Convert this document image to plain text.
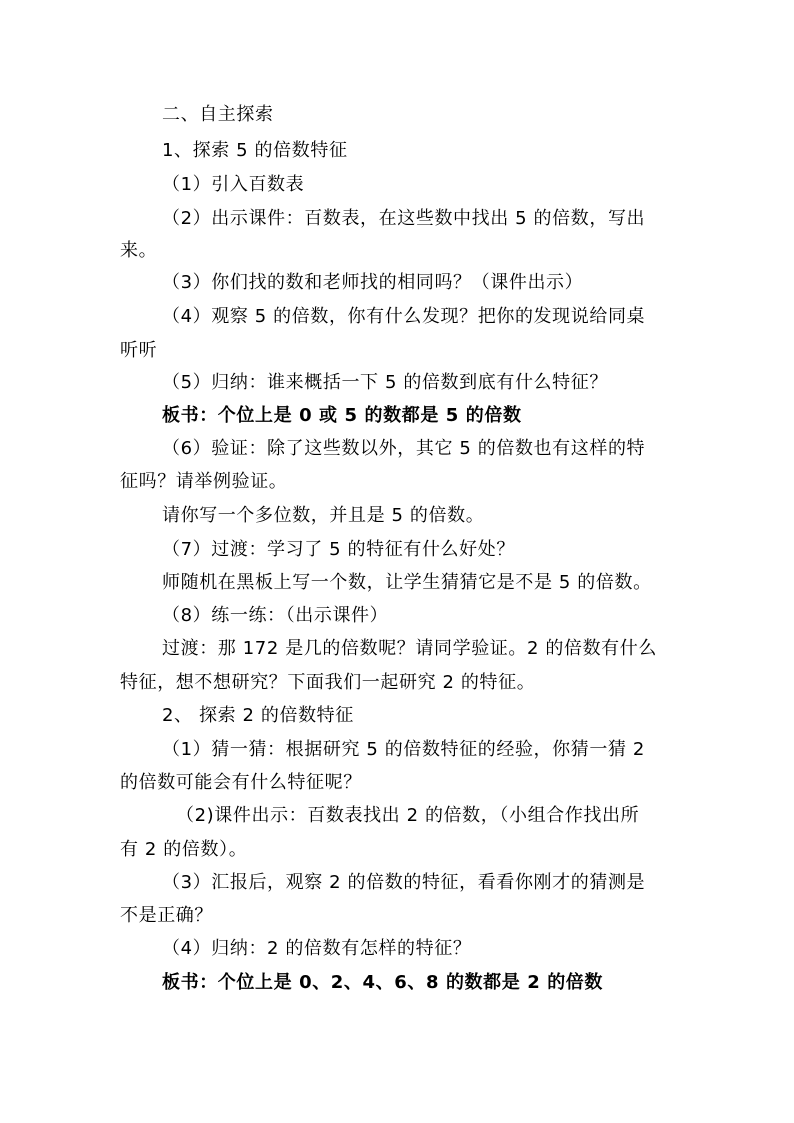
二、自主探索
1、探索 5 的倍数特征
（1）引入百数表
（2）出示课件：百数表，在这些数中找出 5 的倍数，写出
来。
（3）你们找的数和老师找的相同吗？（课件出示）
（4）观察 5 的倍数，你有什么发现？把你的发现说给同桌
听听
（5）归纳：谁来概括一下 5 的倍数到底有什么特征？
板书：个位上是 0 或 5 的数都是 5 的倍数
（6）验证：除了这些数以外，其它 5 的倍数也有这样的特
征吗？请举例验证。
请你写一个多位数，并且是 5 的倍数。
（7）过渡：学习了 5 的特征有什么好处？
师随机在黑板上写一个数，让学生猜猜它是不是 5 的倍数。
（8）练一练：（出示课件）
过渡：那 172 是几的倍数呢？请同学验证。2 的倍数有什么
特征，想不想研究？下面我们一起研究 2 的特征。
2、 探索 2 的倍数特征
（1）猜一猜：根据研究 5 的倍数特征的经验，你猜一猜 2
的倍数可能会有什么特征呢？
（2)课件出示：百数表找出 2 的倍数，（小组合作找出所
有 2 的倍数）。
（3）汇报后，观察 2 的倍数的特征，看看你刚才的猜测是
不是正确？
（4）归纳：2 的倍数有怎样的特征？
板书：个位上是 0、2、4、6、8 的数都是 2 的倍数
